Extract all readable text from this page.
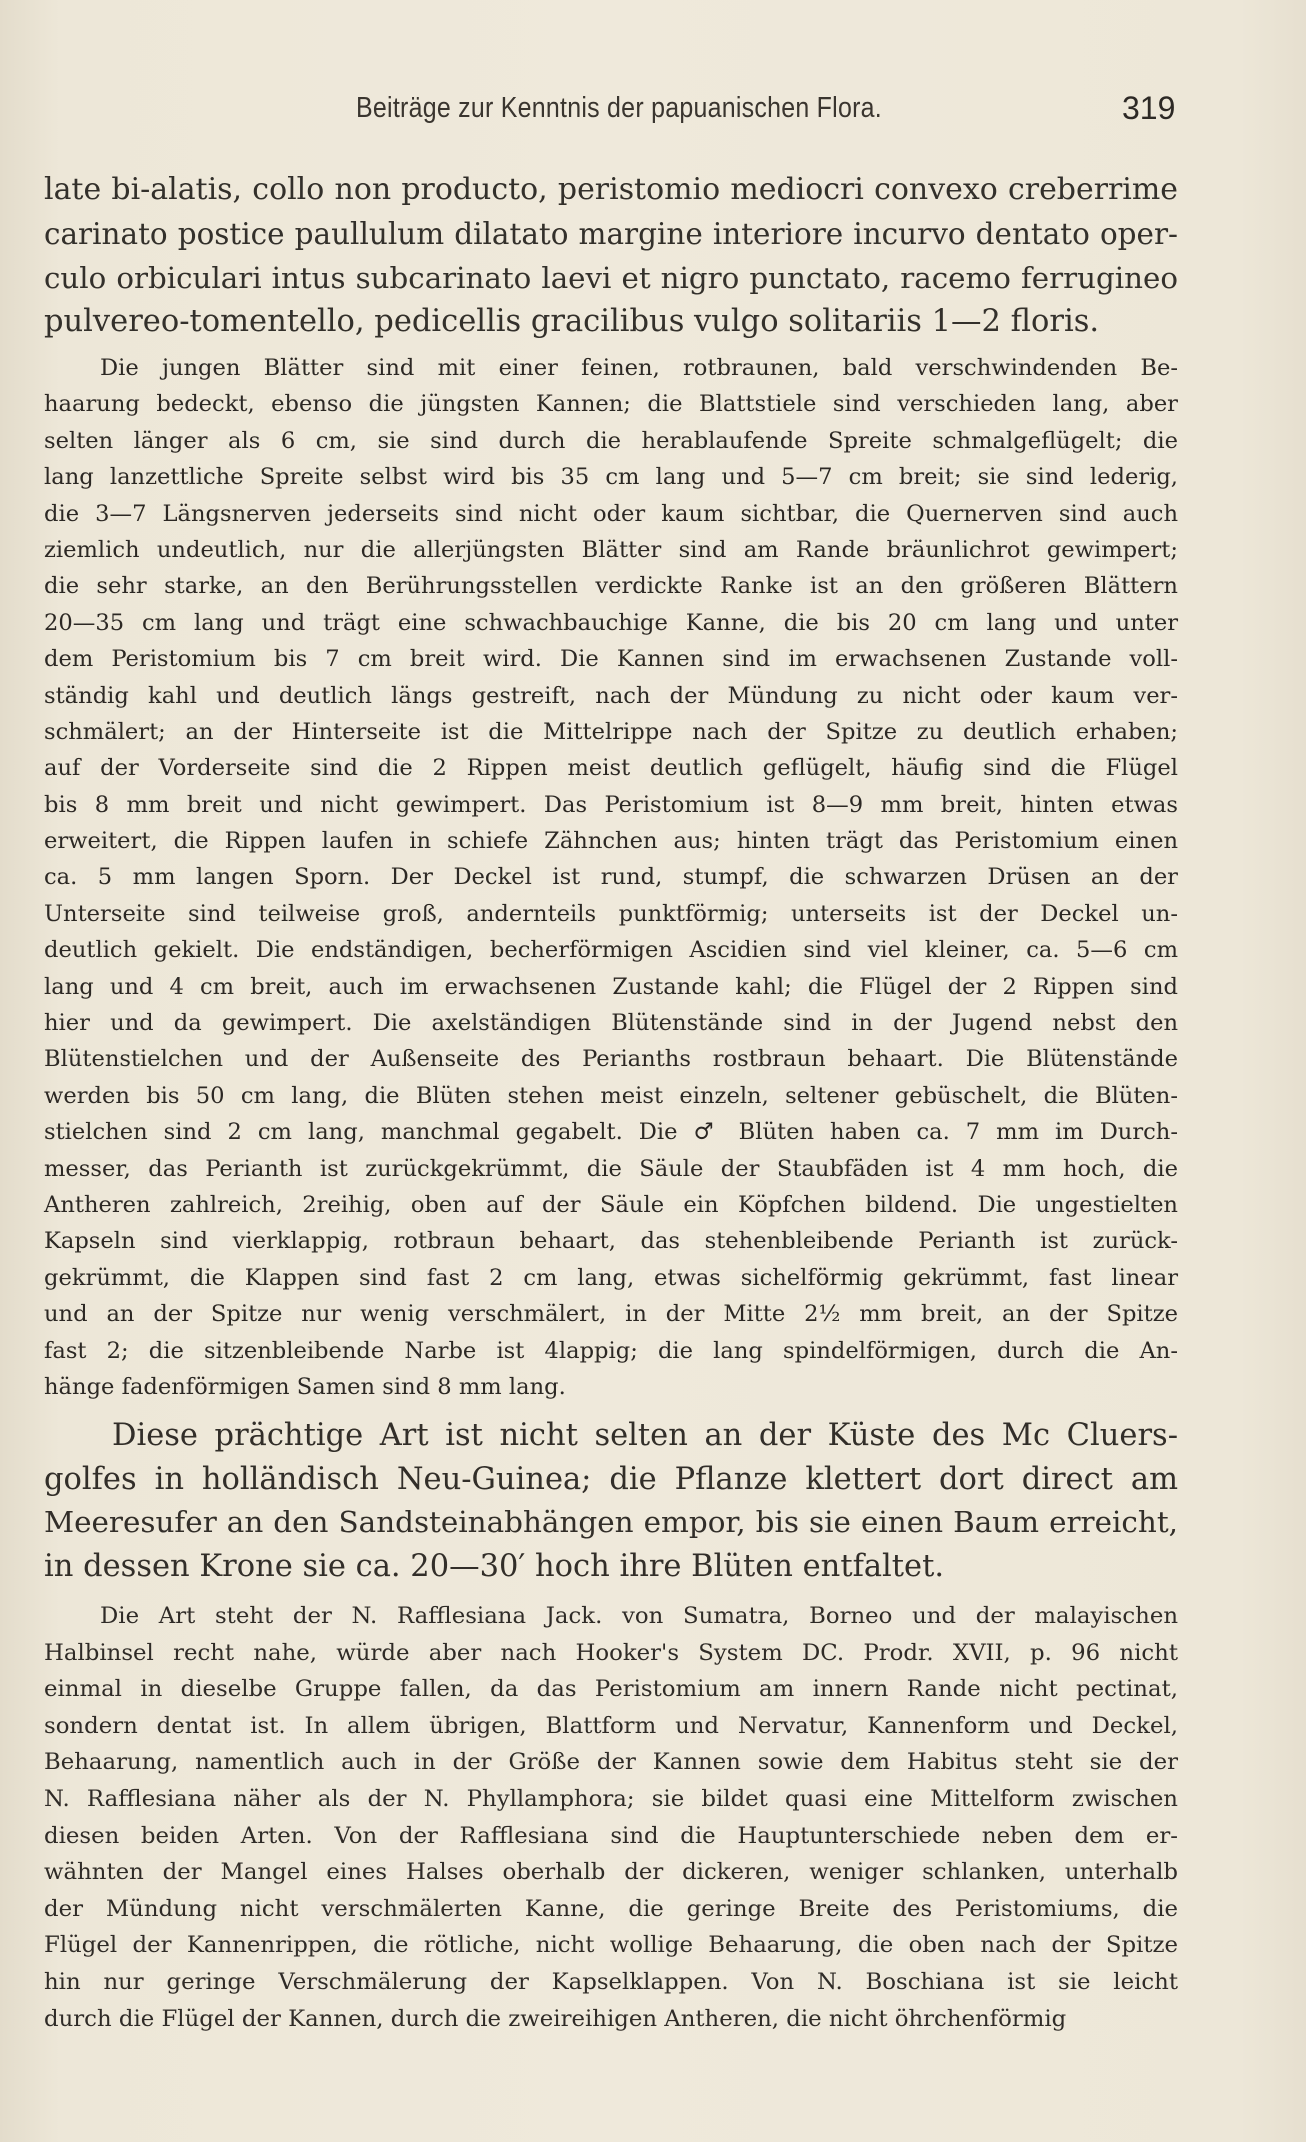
Beiträge zur Kenntnis der papuanischen Flora.	319
late bi-alatis, collo non producto, peristomio mediocri convexo creberrime
carinato postice paullulum dilatato margine interiore incurvo dentato oper-
culo orbiculari intus subcarinato laevi et nigro punctato, racemo ferrugineo
pulvereo-tomentello, pedicellis gracilibus vulgo solitariis 1—2 floris.
Die jungen Blätter sind mit einer feinen, rotbraunen, bald verschwindenden Be-
haarung bedeckt, ebenso die jüngsten Kannen; die Blattstiele sind verschieden lang, aber
selten länger als 6 cm, sie sind durch die herablaufende Spreite schmalgeflügelt; die
lang lanzettliche Spreite selbst wird bis 35 cm lang und 5—7 cm breit; sie sind lederig,
die 3—7 Längsnerven jederseits sind nicht oder kaum sichtbar, die Quernerven sind auch
ziemlich undeutlich, nur die allerjüngsten Blätter sind am Rande bräunlichrot gewimpert;
die sehr starke, an den Berührungsstellen verdickte Ranke ist an den größeren Blättern
20—35 cm lang und trägt eine schwachbauchige Kanne, die bis 20 cm lang und unter
dem Peristomium bis 7 cm breit wird. Die Kannen sind im erwachsenen Zustande voll-
ständig kahl und deutlich längs gestreift, nach der Mündung zu nicht oder kaum ver-
schmälert; an der Hinterseite ist die Mittelrippe nach der Spitze zu deutlich erhaben;
auf der Vorderseite sind die 2 Rippen meist deutlich geflügelt, häufig sind die Flügel
bis 8 mm breit und nicht gewimpert. Das Peristomium ist 8—9 mm breit, hinten etwas
erweitert, die Rippen laufen in schiefe Zähnchen aus; hinten trägt das Peristomium einen
ca. 5 mm langen Sporn. Der Deckel ist rund, stumpf, die schwarzen Drüsen an der
Unterseite sind teilweise groß, andernteils punktförmig; unterseits ist der Deckel un-
deutlich gekielt. Die endständigen, becherförmigen Ascidien sind viel kleiner, ca. 5—6 cm
lang und 4 cm breit, auch im erwachsenen Zustande kahl; die Flügel der 2 Rippen sind
hier und da gewimpert. Die axelständigen Blütenstände sind in der Jugend nebst den
Blütenstielchen und der Außenseite des Perianths rostbraun behaart. Die Blütenstände
werden bis 50 cm lang, die Blüten stehen meist einzeln, seltener gebüschelt, die Blüten-
stielchen sind 2 cm lang, manchmal gegabelt. Die ♂ Blüten haben ca. 7 mm im Durch-
messer, das Perianth ist zurückgekrümmt, die Säule der Staubfäden ist 4 mm hoch, die
Antheren zahlreich, 2reihig, oben auf der Säule ein Köpfchen bildend. Die ungestielten
Kapseln sind vierklappig, rotbraun behaart, das stehenbleibende Perianth ist zurück-
gekrümmt, die Klappen sind fast 2 cm lang, etwas sichelförmig gekrümmt, fast linear
und an der Spitze nur wenig verschmälert, in der Mitte 2½ mm breit, an der Spitze
fast 2; die sitzenbleibende Narbe ist 4lappig; die lang spindelförmigen, durch die An-
hänge fadenförmigen Samen sind 8 mm lang.
Diese prächtige Art ist nicht selten an der Küste des Mc Cluers-
golfes in holländisch Neu-Guinea; die Pflanze klettert dort direct am
Meeresufer an den Sandsteinabhängen empor, bis sie einen Baum erreicht,
in dessen Krone sie ca. 20—30′ hoch ihre Blüten entfaltet.
Die Art steht der N. Rafflesiana Jack. von Sumatra, Borneo und der malayischen
Halbinsel recht nahe, würde aber nach Hooker's System DC. Prodr. XVII, p. 96 nicht
einmal in dieselbe Gruppe fallen, da das Peristomium am innern Rande nicht pectinat,
sondern dentat ist. In allem übrigen, Blattform und Nervatur, Kannenform und Deckel,
Behaarung, namentlich auch in der Größe der Kannen sowie dem Habitus steht sie der
N. Rafflesiana näher als der N. Phyllamphora; sie bildet quasi eine Mittelform zwischen
diesen beiden Arten. Von der Rafflesiana sind die Hauptunterschiede neben dem er-
wähnten der Mangel eines Halses oberhalb der dickeren, weniger schlanken, unterhalb
der Mündung nicht verschmälerten Kanne, die geringe Breite des Peristomiums, die
Flügel der Kannenrippen, die rötliche, nicht wollige Behaarung, die oben nach der Spitze
hin nur geringe Verschmälerung der Kapselklappen. Von N. Boschiana ist sie leicht
durch die Flügel der Kannen, durch die zweireihigen Antheren, die nicht öhrchenförmig
